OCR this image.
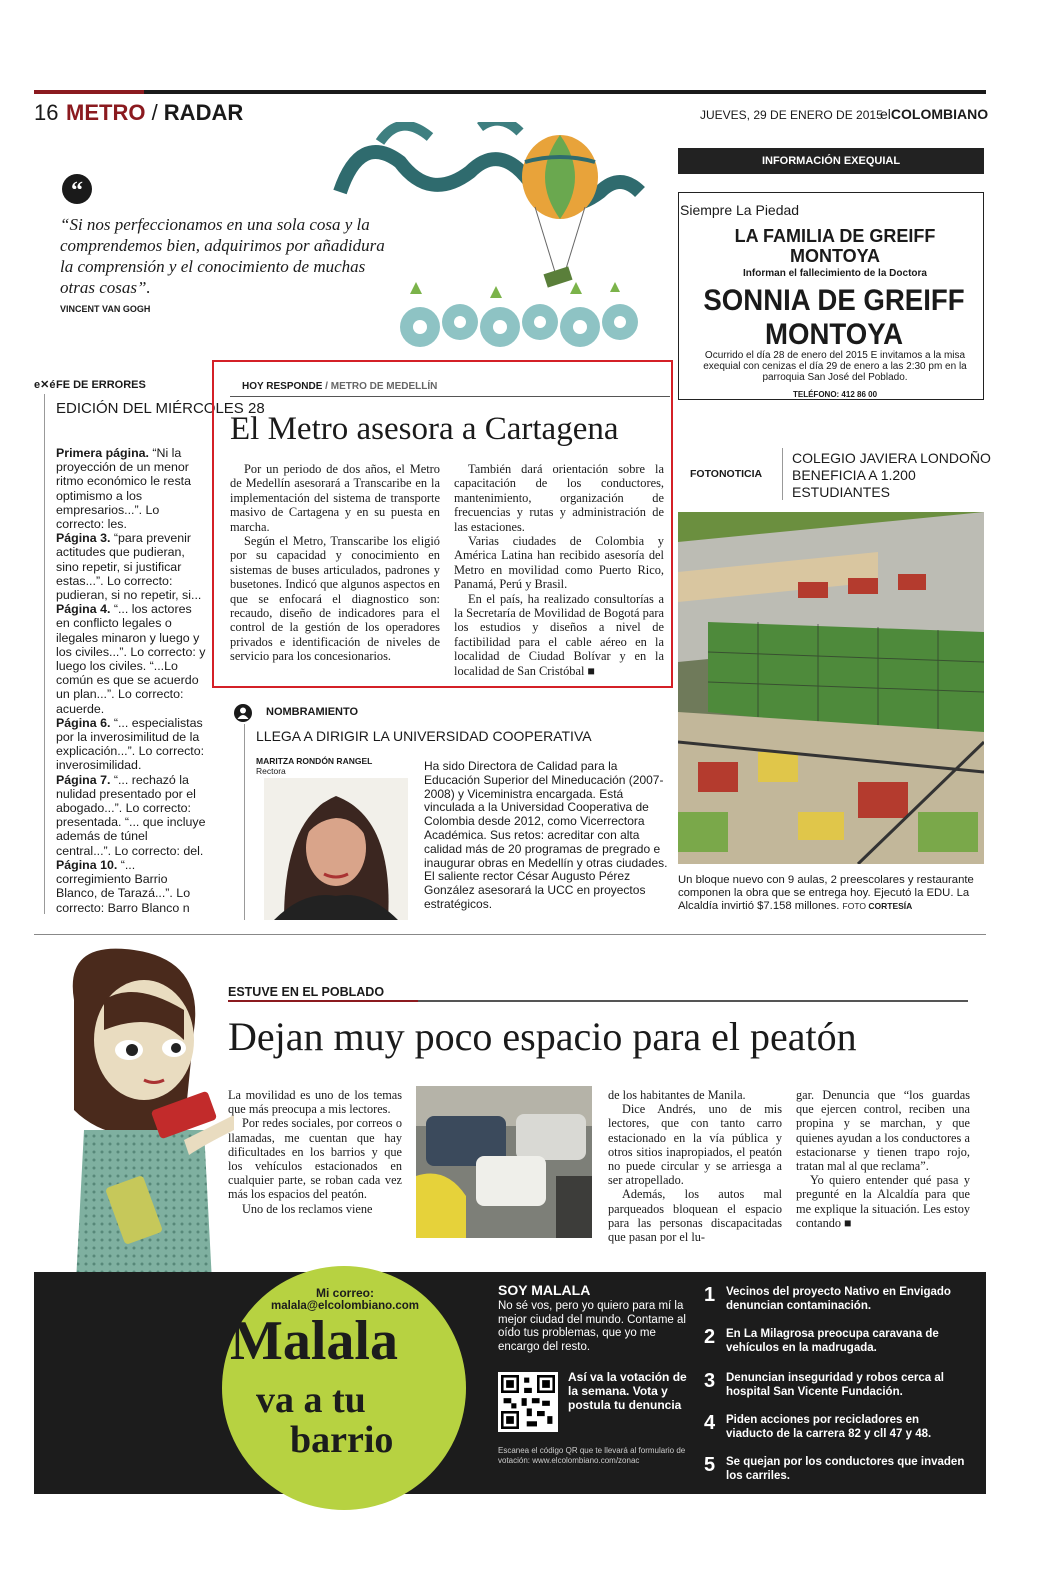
16 METRO / RADAR	JUEVES, 29 DE ENERO DE 2015
elCOLOMBIANO
“
“Si nos perfeccionamos en una sola cosa y la comprendemos bien, adquirimos por añadidura la comprensión y el conocimiento de muchas otras cosas”.
VINCENT VAN GOGH
INFORMACIÓN EXEQUIAL
Siempre La Piedad
LA FAMILIA DE GREIFF MONTOYA
Informan el fallecimiento de la Doctora
SONNIA DE GREIFF MONTOYA
Ocurrido el día 28 de enero del 2015 E invitamos a la misa exequial con cenizas el día 29 de enero a las 2:30 pm en la parroquia San José del Poblado.
TELÉFONO: 412 86 00
e✕éFE DE ERRORES
EDICIÓN DEL MIÉRCOLES 28

Primera página. “Ni la proyección de un menor ritmo económico le resta optimismo a los empresarios...”. Lo correcto: les.

Página 3. “para prevenir actitudes que pudieran, sino repetir, si justificar estas...”. Lo correcto: pudieran, si no repetir, si...

Página 4. “... los actores en conflicto legales o ilegales minaron y luego y los civiles...”. Lo correcto: y luego los civiles. “...Lo común es que se acuerdo un plan...”. Lo correcto: acuerde.

Página 6. “... especialistas por la inverosimilitud de la explicación...”. Lo correcto: inverosimilidad.

Página 7. “... rechazó la nulidad presentado por el abogado...”. Lo correcto: presentada. “... que incluye además de túnel central...”. Lo correcto: del.

Página 10. “... corregimiento Barrio Blanco, de Tarazá...”. Lo correcto: Barro Blanco n

HOY RESPONDE / METRO DE MEDELLÍN
El Metro asesora a Cartagena

Por un periodo de dos años, el Metro de Medellín asesorará a Transcaribe en la implementación del sistema de transporte masivo de Cartagena y en su puesta en marcha.

Según el Metro, Transcaribe los eligió por su capacidad y conocimiento en sistemas de buses articulados, padrones y busetones. Indicó que algunos aspectos en que se enfocará el diagnostico son: recaudo, diseño de indicadores para el control de la gestión de los operadores privados e identificación de niveles de servicio para los concesionarios.

También dará orientación sobre la capacitación de los conductores, mantenimiento, organización de frecuencias y rutas y administración de las estaciones.

Varias ciudades de Colombia y América Latina han recibido asesoría del Metro en movilidad como Puerto Rico, Panamá, Perú y Brasil.

En el país, ha realizado consultorías a la Secretaría de Movilidad de Bogotá para los estudios y diseños a nivel de factibilidad para el cable aéreo en la localidad de Ciudad Bolívar y en la localidad de San Cristóbal ■

NOMBRAMIENTO
LLEGA A DIRIGIR LA UNIVERSIDAD COOPERATIVA
MARITZA RONDÓN RANGEL
Rectora	Ha sido Directora de Calidad para la Educación Superior del Mineducación (2007-2008) y Viceministra encargada. Está vinculada a la Universidad Cooperativa de Colombia desde 2012, como Vicerrectora Académica. Sus retos: acreditar con alta calidad más de 20 programas de pregrado e inaugurar obras en Medellín y otras ciudades. El saliente rector César Augusto Pérez González asesorará la UCC en proyectos estratégicos.
FOTONOTICIA
COLEGIO JAVIERA LONDOÑO BENEFICIA A 1.200 ESTUDIANTES
Un bloque nuevo con 9 aulas, 2 preescolares y restaurante componen la obra que se entrega hoy. Ejecutó la EDU. La Alcaldía invirtió $7.158 millones. FOTO CORTESÍA
ESTUVE EN EL POBLADO
Dejan muy poco espacio para el peatón

La movilidad es uno de los temas que más preocupa a mis lectores.

Por redes sociales, por correos o llamadas, me cuentan que hay dificultades en los barrios y que los vehículos estacionados en cualquier parte, se roban cada vez más los espacios del peatón.

Uno de los reclamos viene

de los habitantes de Manila.

Dice Andrés, uno de mis lectores, que con tanto carro estacionado en la vía pública y otros sitios inapropiados, el peatón no puede circular y se arriesga a ser atropellado.

Además, los autos mal parqueados bloquean el espacio para las personas discapacitadas que pasan por el lu-

gar. Denuncia que “los guardas que ejercen control, reciben una propina y se marchan, y que quienes ayudan a los conductores a estacionarse y tienen trapo rojo, tratan mal al que reclama”.

Yo quiero entender qué pasa y pregunté en la Alcaldía para que me explique la situación. Les estoy contando ■

Mi correo:
malala@elcolombiano.com
Malala
va a tu
barrio
SOY MALALA
No sé vos, pero yo quiero para mí la mejor ciudad del mundo. Contame al oído tus problemas, que yo me encargo del resto.
Así va la votación de la semana. Vota y postula tu denuncia
Escanea el código QR que te llevará al formulario de votación: www.elcolombiano.com/zonac
1 Vecinos del proyecto Nativo en Envigado denuncian contaminación.
2 En La Milagrosa preocupa caravana de vehículos en la madrugada.
3 Denuncian inseguridad y robos cerca al hospital San Vicente Fundación.
4 Piden acciones por recicladores en viaducto de la carrera 82 y cll 47 y 48.
5 Se quejan por los conductores que invaden los carriles.
